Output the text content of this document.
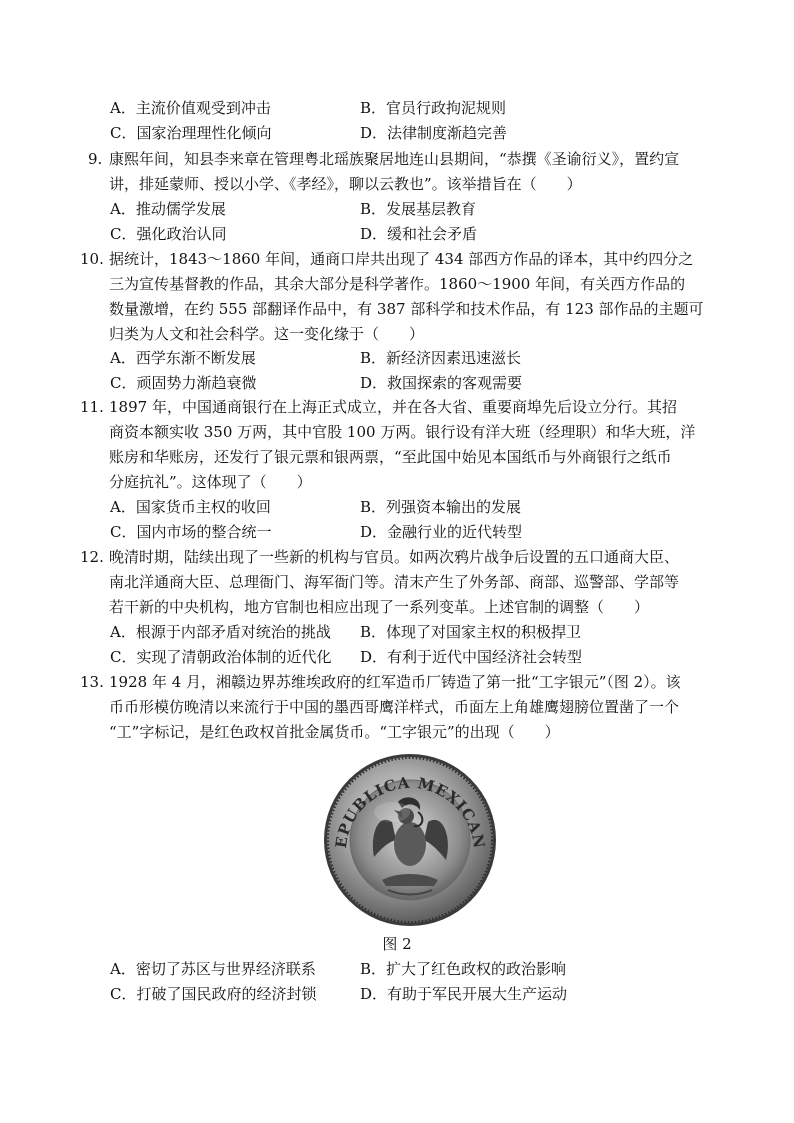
A．主流价值观受到冲击	B．官员行政拘泥规则
C．国家治理理性化倾向	D．法律制度渐趋完善
9. 康熙年间，知县李来章在管理粤北瑶族聚居地连山县期间，“恭撰《圣谕衍义》，置约宣
讲，排延蒙师、授以小学、《孝经》，聊以云教也”。该举措旨在（　　）
A．推动儒学发展	B．发展基层教育
C．强化政治认同	D．缓和社会矛盾
10. 据统计，1843～1860 年间，通商口岸共出现了 434 部西方作品的译本，其中约四分之
三为宣传基督教的作品，其余大部分是科学著作。1860～1900 年间，有关西方作品的
数量激增，在约 555 部翻译作品中，有 387 部科学和技术作品，有 123 部作品的主题可
归类为人文和社会科学。这一变化缘于（　　）
A．西学东渐不断发展	B．新经济因素迅速滋长
C．顽固势力渐趋衰微	D．救国探索的客观需要
11. 1897 年，中国通商银行在上海正式成立，并在各大省、重要商埠先后设立分行。其招
商资本额实收 350 万两，其中官股 100 万两。银行设有洋大班（经理职）和华大班，洋
账房和华账房，还发行了银元票和银两票，“至此国中始见本国纸币与外商银行之纸币
分庭抗礼”。这体现了（　　）
A．国家货币主权的收回	B．列强资本输出的发展
C．国内市场的整合统一	D．金融行业的近代转型
12. 晚清时期，陆续出现了一些新的机构与官员。如两次鸦片战争后设置的五口通商大臣、
南北洋通商大臣、总理衙门、海军衙门等。清末产生了外务部、商部、巡警部、学部等
若干新的中央机构，地方官制也相应出现了一系列变革。上述官制的调整（　　）
A．根源于内部矛盾对统治的挑战 B．体现了对国家主权的积极捍卫
C．实现了清朝政治体制的近代化 D．有利于近代中国经济社会转型
13. 1928 年 4 月，湘赣边界苏维埃政府的红军造币厂铸造了第一批“工字银元”（图 2）。该
币币形模仿晚清以来流行于中国的墨西哥鹰洋样式，币面左上角雄鹰翅膀位置凿了一个
“工”字标记，是红色政权首批金属货币。“工字银元”的出现（　　）
EPUBLICA MEXICAN
图 2
A．密切了苏区与世界经济联系	B．扩大了红色政权的政治影响
C．打破了国民政府的经济封锁	D．有助于军民开展大生产运动
